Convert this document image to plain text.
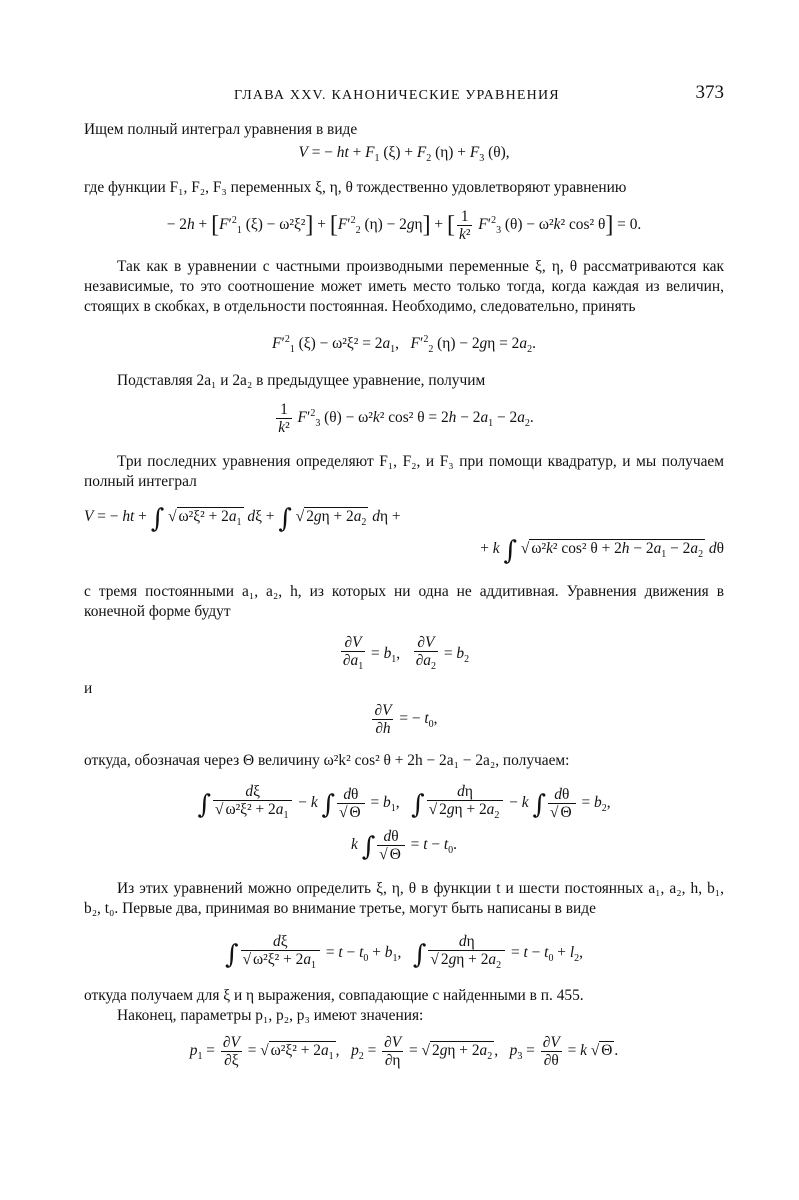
ГЛАВА XXV. КАНОНИЧЕСКИЕ УРАВНЕНИЯ	373

Ищем полный интеграл уравнения в виде

V = − ht + $F_1$ $(\xi) + F_2$ $(\eta) + F_3$ (θ),

где функции F₁, F₂, F₃ переменных ξ, η, θ тождественно удовлетворяют уравнению

− $2h + [F'^2_1$ $(\xi) - \omega^2\xi^2] + [F'^2_2$ (η) − 2gη] + [ $\frac{1}{\text{k²}} F'^2_3$ (θ) − ω²k² cos² θ] = 0.

Так как в уравнении с частными производными переменные ξ, η, θ рассматриваются как независимые, то это соотношение может иметь место только тогда, когда каждая из величин, стоящих в скобках, в отдельности постоянная. Необходимо, следовательно, принять

$F'^2_1$ $(\xi) - \omega^2\xi^2 = 2a_1$,   $F'^2_2$ $(\eta) - 2g\eta = 2a_2$.

Подставляя 2a₁ и 2a₂ в предыдущее уравнение, получим

$\frac{1}{\text{k²}} F'^2_3$ (θ) − ω²k² cos² $\theta = 2h - 2a_1 - 2a_2$.

Три последних уравнения определяют F₁, F₂, и F₃ при помощи квадратур, и мы получаем полный интеграл

V = − ht + ∫ √ $\omega^2\xi^2 + 2a_1$ dξ + ∫ √ $2g\eta + 2a_2$ dη +
+ k ∫ √ ω²k² cos² $\theta + 2h - 2a_1 - 2a_2$ dθ

с тремя постоянными a₁, a₂, h, из которых ни одна не аддитивная. Уравнения движения в конечной форме будут

$\frac{\partial V}{\partial a_1} = b_1$, $\frac{\partial V}{\partial a_2} = b_2$
и
$\frac{\partial V}{\partial h}$ = − $t_0$,

откуда, обозначая через Θ величину ω²k² cos² θ + 2h − 2a₁ − 2a₂, получаем:

∫ $\frac{d\xi}{√ \omega^2\xi^2 + 2a_1} - k$ ∫ $\frac{d\theta}{√ \Theta} = b_1$,   ∫ $\frac{d\eta}{√ 2g\eta + 2a_2} - k$ ∫ $\frac{d\theta}{√ \Theta} = b_2$,
k ∫ $\frac{d\theta}{√ \Theta} = t - t_0$.

Из этих уравнений можно определить ξ, η, θ в функции t и шести постоянных a₁, a₂, h, b₁, b₂, t₀. Первые два, принимая во внимание третье, могут быть написаны в виде

∫ $\frac{d\xi}{√ \omega^2\xi^2 + 2a_1} = t - t_0 + b_1$,   ∫ $\frac{d\eta}{√ 2g\eta + 2a_2} = t - t_0 + l_2$,

откуда получаем для ξ и η выражения, совпадающие с найденными в п. 455.

Наконец, параметры p₁, p₂, p₃ имеют значения:

$p_1 = \frac{\partial V}{\partial\xi}$ = √ $\omega^2\xi^2 + 2a_1$ ,   $p_2 = \frac{\partial V}{\partial\eta}$ = √ $2g\eta + 2a_2$ ,   $p_3 = \frac{\partial V}{\partial\theta} = k$ √ Θ .
